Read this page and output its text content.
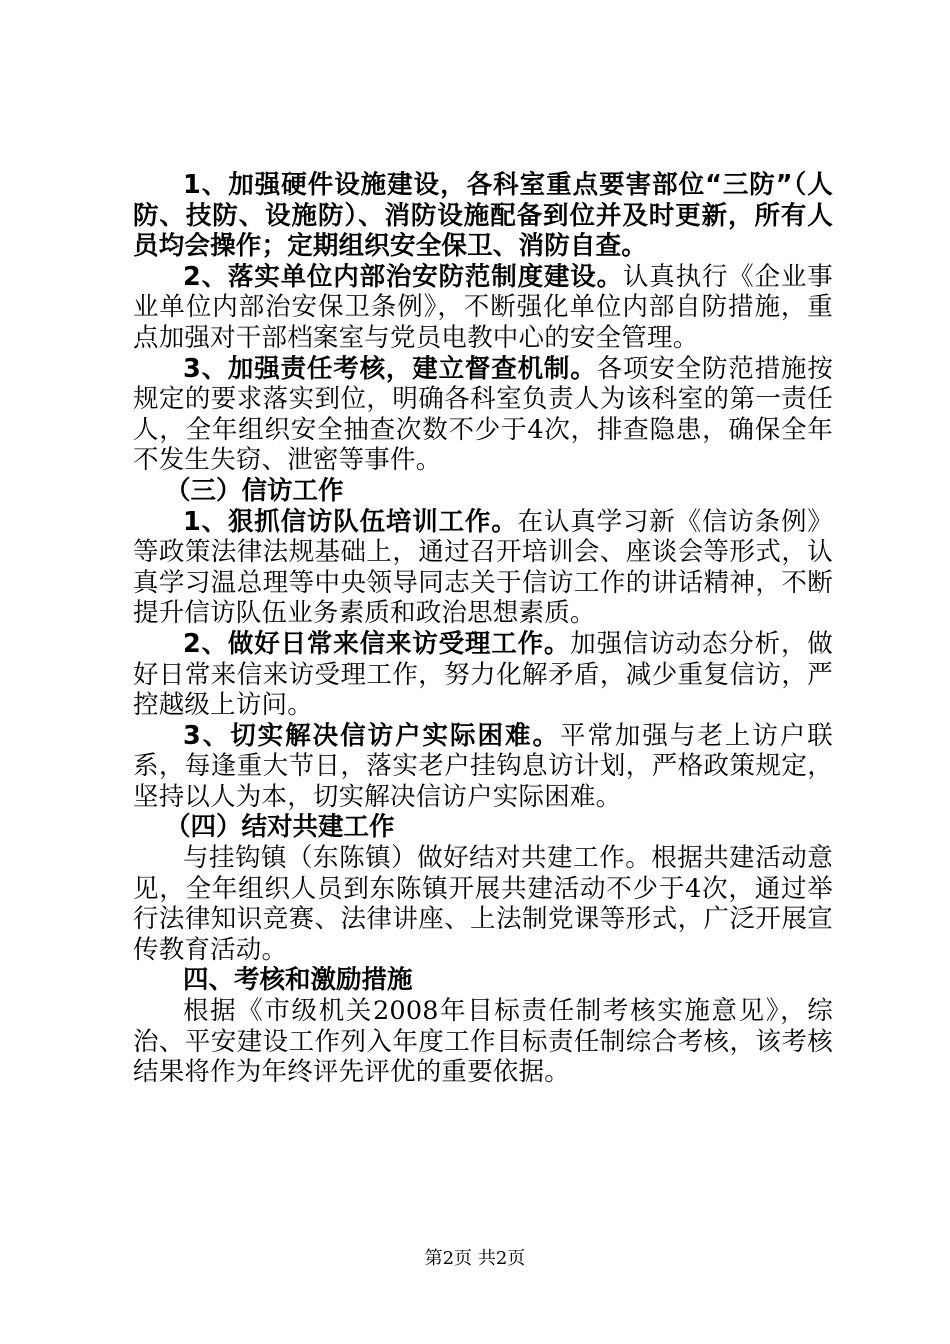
1、加强硬件设施建设，各科室重点要害部位“三防”（人防、技防、设施防）、消防设施配备到位并及时更新，所有人员均会操作；定期组织安全保卫、消防自查。

2、落实单位内部治安防范制度建设。认真执行《企业事业单位内部治安保卫条例》，不断强化单位内部自防措施，重点加强对干部档案室与党员电教中心的安全管理。

3、加强责任考核，建立督查机制。各项安全防范措施按规定的要求落实到位，明确各科室负责人为该科室的第一责任人，全年组织安全抽查次数不少于4次，排查隐患，确保全年不发生失窃、泄密等事件。

（三）信访工作

1、狠抓信访队伍培训工作。在认真学习新《信访条例》等政策法律法规基础上，通过召开培训会、座谈会等形式，认真学习温总理等中央领导同志关于信访工作的讲话精神，不断提升信访队伍业务素质和政治思想素质。

2、做好日常来信来访受理工作。加强信访动态分析，做好日常来信来访受理工作，努力化解矛盾，减少重复信访，严控越级上访问。

3、切实解决信访户实际困难。平常加强与老上访户联系，每逢重大节日，落实老户挂钩息访计划，严格政策规定，坚持以人为本，切实解决信访户实际困难。

（四）结对共建工作

与挂钩镇（东陈镇）做好结对共建工作。根据共建活动意见，全年组织人员到东陈镇开展共建活动不少于4次，通过举行法律知识竞赛、法律讲座、上法制党课等形式，广泛开展宣传教育活动。

四、考核和激励措施

根据《市级机关2008年目标责任制考核实施意见》，综治、平安建设工作列入年度工作目标责任制综合考核，该考核结果将作为年终评先评优的重要依据。

第2页 共2页
